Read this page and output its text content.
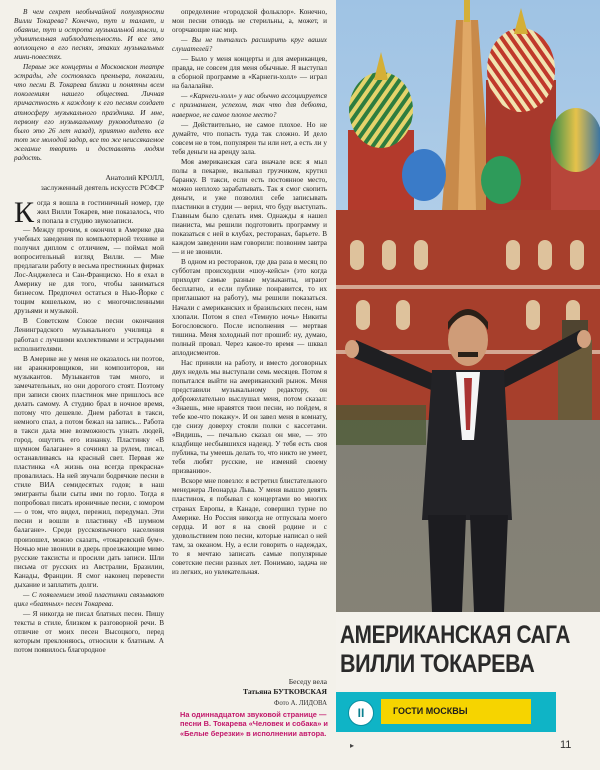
В чем секрет необычайной популярности Вилли Токарева? Конечно, тут и талант, и обаяние, тут и острота музыкальной мысли, и удивительная наблюдательность. И все это воплощено в его песнях, этаких музыкальных мини-повестях.

Первые же концерты в Московском театре эстрады, где состоялась премьера, показали, что песни В. Токарева близки и понятны всем поколениям нашего общества. Личная причастность к каждому к его песням создает атмосферу музыкального праздника. И мне, первому его музыкальному руководителю (а было это 26 лет назад), приятно видеть все тот же молодой задор, все то же неиссякаемое желание творить и доставлять людям радость.

Анатолий КРОЛЛ,
заслуженный деятель искусств РСФСР
К огда я вошла в гостиничный номер, где жил Вилли Токарев, мне показалось, что я попала в студию звукозаписи.

— Между прочим, я окончил в Америке два учебных заведения по компьютерной технике и получил диплом с отличием, — поймал мой вопросительный взгляд Вилли. — Мне предлагали работу в весьма престижных фирмах Лос-Анджелеса и Сан-Франциско. Но я ехал в Америку не для того, чтобы заниматься бизнесом. Предпочел остаться в Нью-Йорке с тощим кошельком, но с многочисленными друзьями и музыкой.

В Советском Союзе песни окончания Ленинградского музыкального училища я работал с лучшими коллективами и эстрадными исполнителями.

В Америке же у меня не оказалось ни поэтов, ни аранжировщиков, ни композиторов, ни музыкантов. Музыкантов там много, и замечательных, но они дорогого стоят. Поэтому при записи своих пластинок мне пришлось все делать самому. А студию брал в ночное время, потому что дешевле. Днем работал в такси, немного спал, а потом бежал на запись... Работа в такси дала мне возможность узнать людей, город, ощутить его изнанку. Пластинку «В шумном балагане» я сочинял за рулем, писал, останавливаясь на красный свет. Первая же пластинка «А жизнь она всегда прекрасна» провалилась. На ней звучали бодрячкие песни в стиле ВИА семидесятых годов; в наш эмигранты были сыты ими по горло. Тогда я попробовал писать ироничные песни, с юмором — о том, что видел, пережил, передумал. Эти песни и вошли в пластинку «В шумном балагане». Среди русскоязычного населения произошел, можно сказать, «токаревский бум». Ночью мне звонили в дверь проезжающие мимо русские таксисты и просили дать записи. Шли письма от русских из Австралии, Бразилии, Канады, Франции. Я смог наконец перевести дыхание и заплатить долги.

— С появлением этой пластинки связывают цикл «блатных» песен Токарева.

— Я никогда не писал блатных песен. Пишу тексты в стиле, близком к разговорной речи. В отличие от моих песен Высоцкого, перед которым преклоняюсь, относили к блатным. А потом появилось благородное

определение «городской фольклор». Конечно, мои песни отнюдь не стерильны, а, может, и огорчающие нас мир.

— Вы не пытались расширить круг ваших слушателей?

— Было у меня концерты и для американцев, правда, не совсем для меня обычные. Я выступал в сборной программе в «Карнеги-холл» — играл на балалайке.

— «Карнеги-холл» у нас обычно ассоциируется с признанием, успехом, так что для дебюта, наверное, не самое плохое место?

— Действительно, не самое плохое. Но не думайте, что попасть туда так сложно. И дело совсем не в том, популярен ты или нет, а есть ли у тебя деньги на аренду зала.

Моя американская сага вначале вся: я мыл полы в пекарне, вкалывал грузчиком, крутил баранку. В такси, если есть постоянное место, можно неплохо зарабатывать. Так я смог скопить деньги, и уже позволил себе записывать пластинки в студии — верил, что буду выступать. Главным было сделать имя. Однажды я нашел пианиста, мы решили подготовить программу и показаться с ней в клубах, ресторанах, барьете. В каждом заведении нам говорили: позвоним завтра — и не звонили.

В одном из ресторанов, где два раза в месяц по субботам происходили «шоу-кейсы» (это когда приходят самые разные музыканты, играют бесплатно, и если публике понравится, то их приглашают на работу), мы решили показаться. Начали с американских и бразильских песен, нам хлопали. Потом я спел «Темную ночь» Никиты Богословского. После исполнения — мертвая тишина. Меня холодный пот прошиб: ну, думаю, полный провал. Через какое-то время — шквал аплодисментов.

Нас приняли на работу, и вместо договорных двух недель мы выступали семь месяцев. Потом я попытался выйти на американский рынок. Меня представили музыкальному редактору, он доброжелательно выслушал меня, потом сказал: «Знаешь, мне нравятся твои песни, но пойдем, я тебе кое-что покажу». И он завел меня в комнату, где снизу доверху стояли полки с кассетами. «Видишь, — печально сказал он мне, — это кладбище несбывшихся надежд. У тебя есть своя публика, ты умеешь делать то, что никто не умеет, тебя любят русские, не изменяй своему призванию».

Вскоре мне повезло: я встретил блистательного менеджера Леонарда Львa. У меня вышло девять пластинок, я побывал с концертами во многих странах Европы, в Канаде, совершил турне по Америке. Но Россия никогда не отпускала моего сердца. И вот я на своей родине и с удовольствием пою песни, которые написал о ней там, за океаном. Ну, а если говорить о надеждах, то я мечтаю записать самые популярные советские песни разных лет. Понимаю, задача не из легких, но увлекательная.

Беседу вела
Татьяна БУТКОВСКАЯ
Фото А. ЛИДОВА
На одиннадцатом звуковой странице — песни В. Токарева «Человек и собака» и «Белые березки» в исполнении автора.
АМЕРИКАНСКАЯ САГА
ВИЛЛИ ТОКАРЕВА
II	ГОСТИ МОСКВЫ
▸	11
